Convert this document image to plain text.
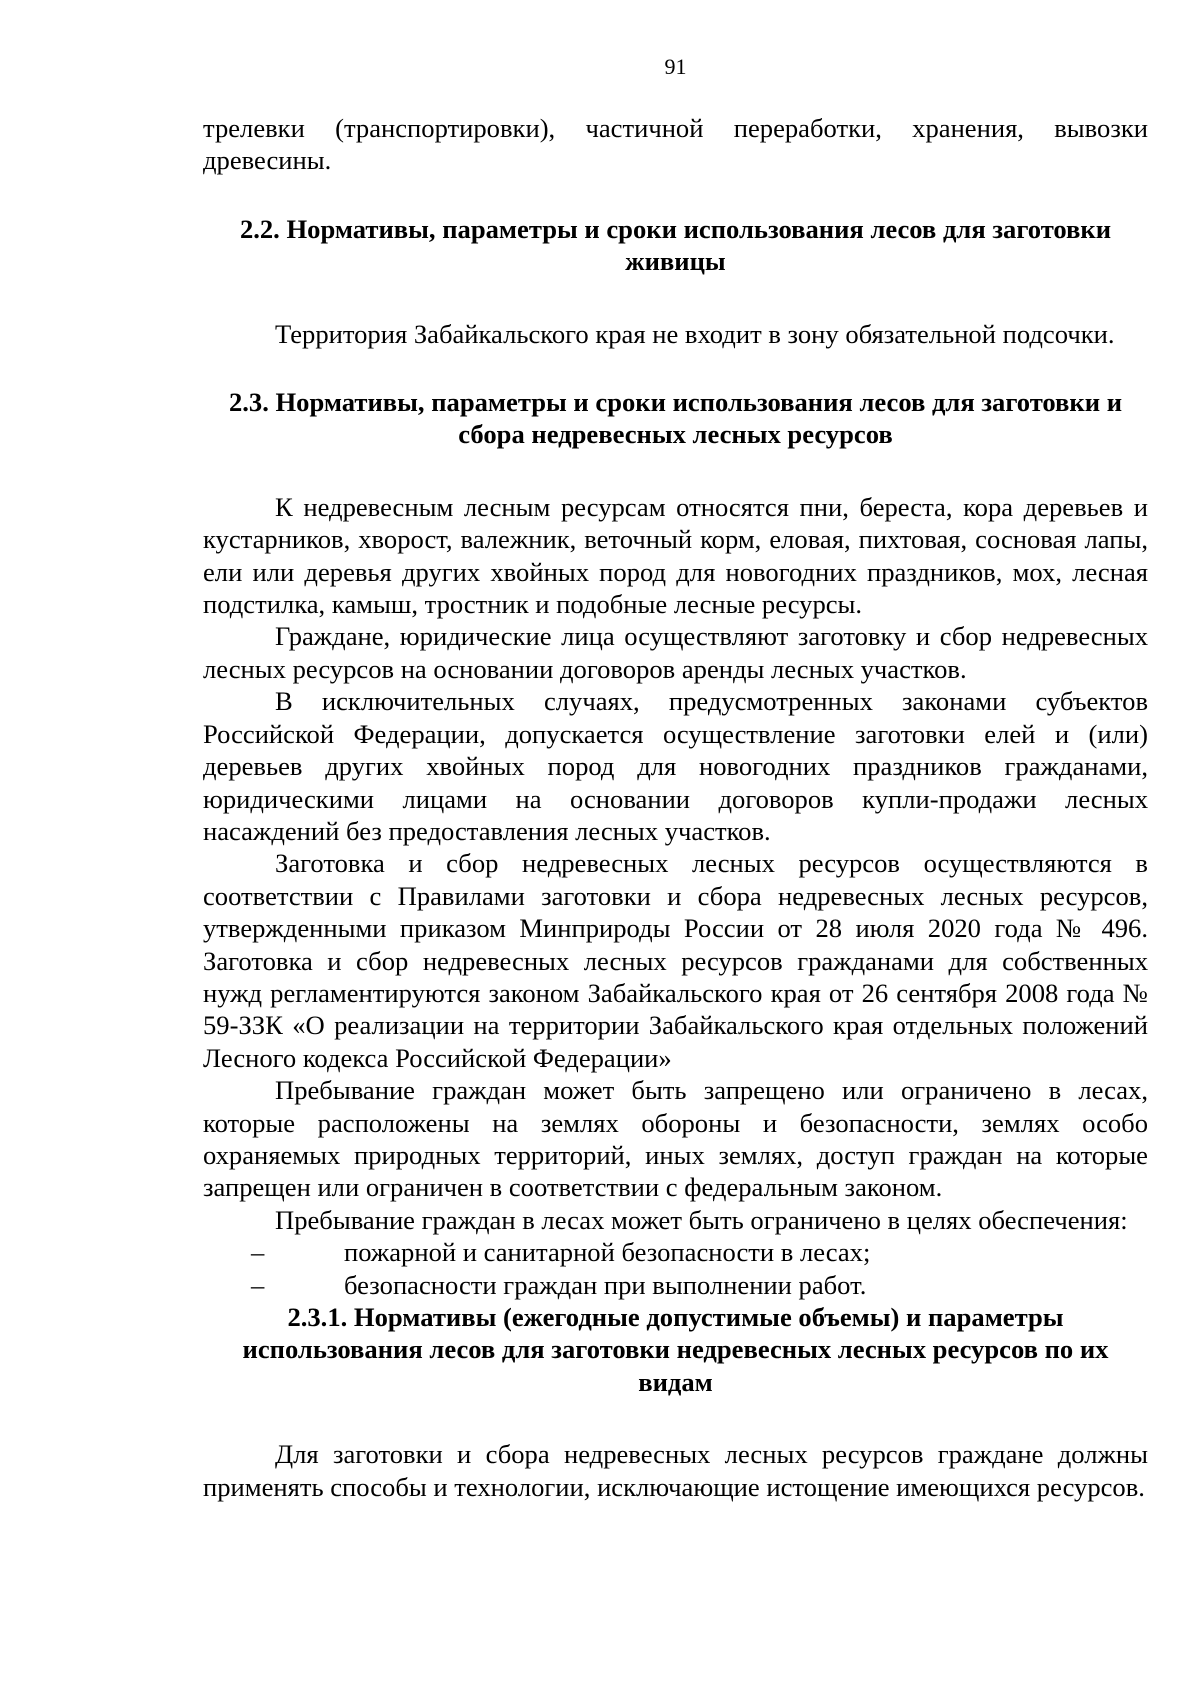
91

трелевки (транспортировки), частичной переработки, хранения, вывозки древесины.

2.2. Нормативы, параметры и сроки использования лесов для заготовки живицы

Территория Забайкальского края не входит в зону обязательной подсочки.

2.3. Нормативы, параметры и сроки использования лесов для заготовки и сбора недревесных лесных ресурсов

К недревесным лесным ресурсам относятся пни, береста, кора деревьев и кустарников, хворост, валежник, веточный корм, еловая, пихтовая, сосновая лапы, ели или деревья других хвойных пород для новогодних праздников, мох, лесная подстилка, камыш, тростник и подобные лесные ресурсы.

Граждане, юридические лица осуществляют заготовку и сбор недревесных лесных ресурсов на основании договоров аренды лесных участков.

В исключительных случаях, предусмотренных законами субъектов Российской Федерации, допускается осуществление заготовки елей и (или) деревьев других хвойных пород для новогодних праздников гражданами, юридическими лицами на основании договоров купли-продажи лесных насаждений без предоставления лесных участков.

Заготовка и сбор недревесных лесных ресурсов осуществляются в соответствии с Правилами заготовки и сбора недревесных лесных ресурсов, утвержденными приказом Минприроды России от 28 июля 2020 года № 496. Заготовка и сбор недревесных лесных ресурсов гражданами для собственных нужд регламентируются законом Забайкальского края от 26 сентября 2008 года № 59-ЗЗК «О реализации на территории Забайкальского края отдельных положений Лесного кодекса Российской Федерации»

Пребывание граждан может быть запрещено или ограничено в лесах, которые расположены на землях обороны и безопасности, землях особо охраняемых природных территорий, иных землях, доступ граждан на которые запрещен или ограничен в соответствии с федеральным законом.

Пребывание граждан в лесах может быть ограничено в целях обеспечения:

–	пожарной и санитарной безопасности в лесах;
–	безопасности граждан при выполнении работ.
2.3.1. Нормативы (ежегодные допустимые объемы) и параметры использования лесов для заготовки недревесных лесных ресурсов по их видам

Для заготовки и сбора недревесных лесных ресурсов граждане должны применять способы и технологии, исключающие истощение имеющихся ресурсов.
